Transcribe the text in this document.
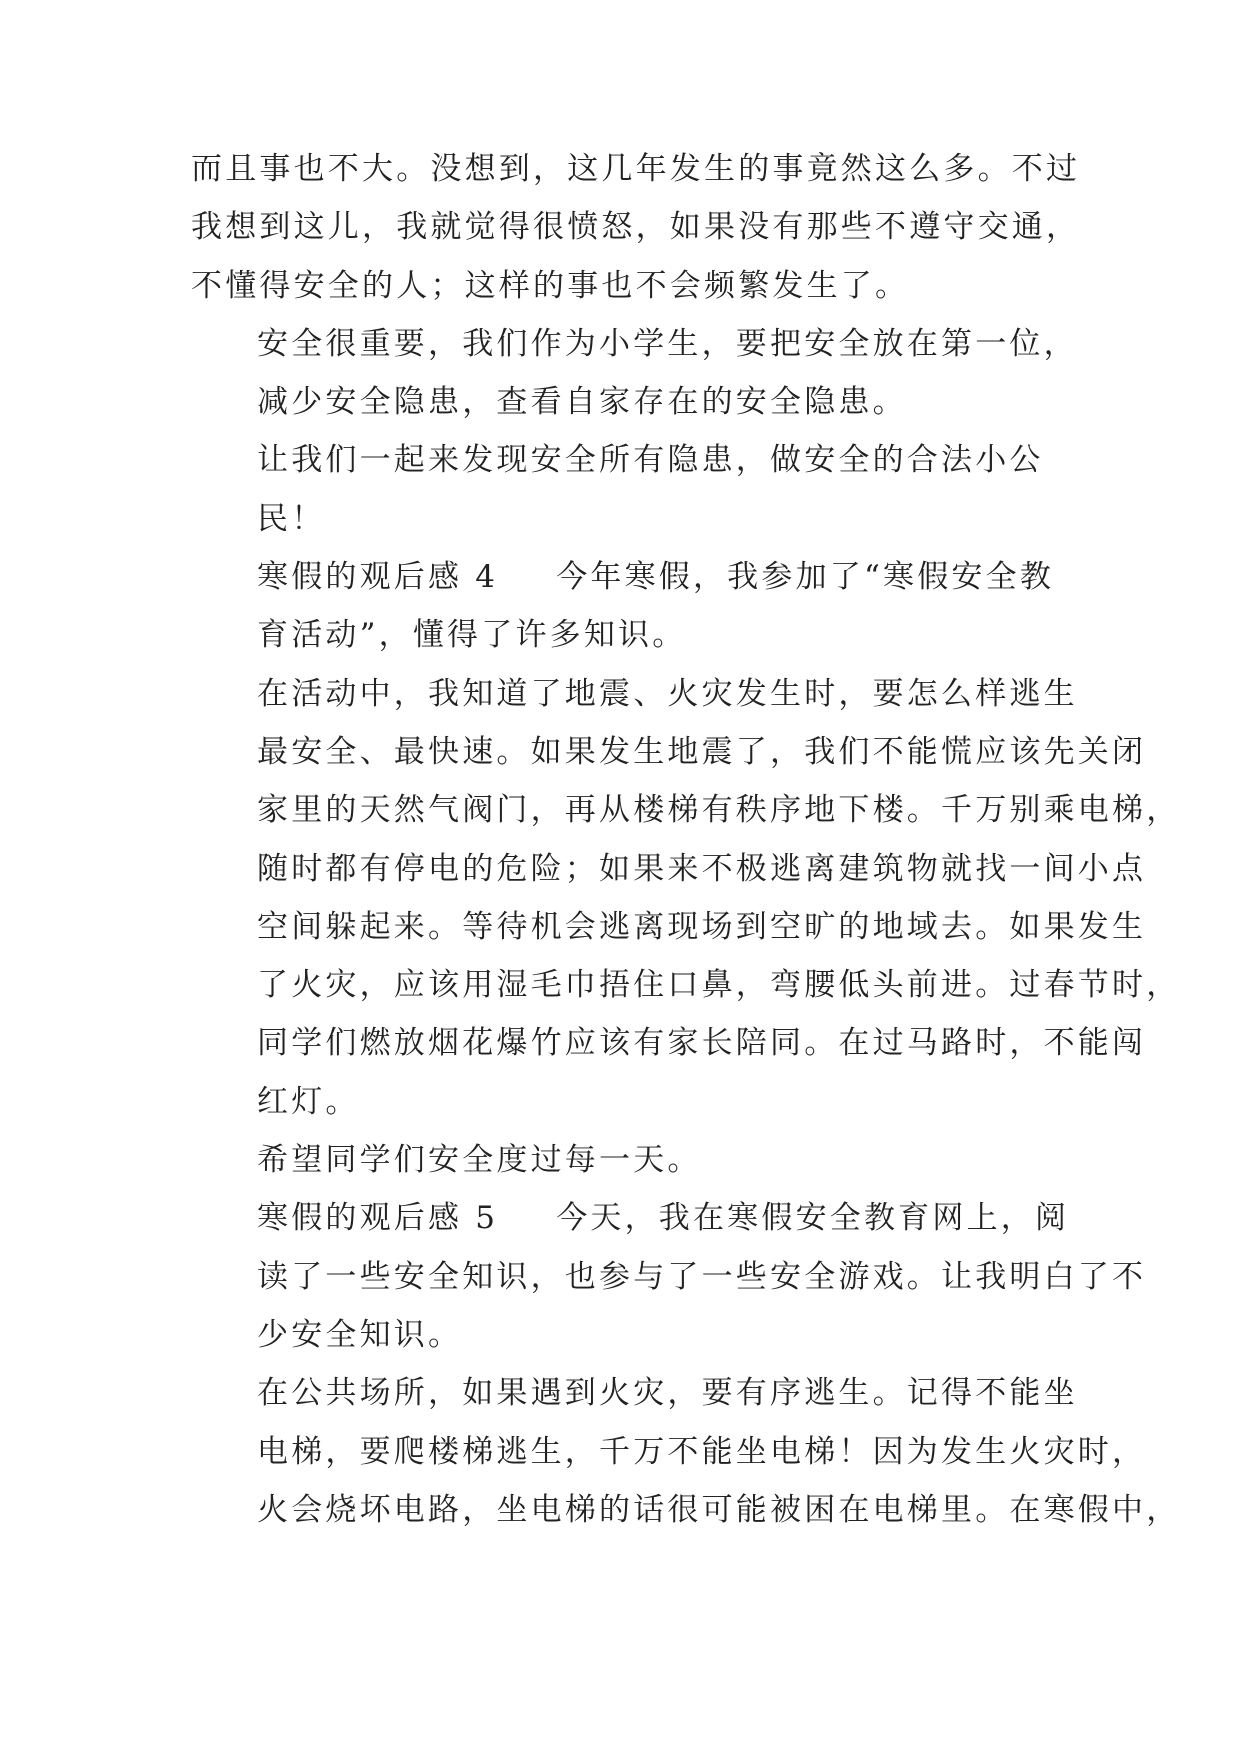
而且事也不大。没想到，这几年发生的事竟然这么多。不过
我想到这儿，我就觉得很愤怒，如果没有那些不遵守交通，
不懂得安全的人；这样的事也不会频繁发生了。

安全很重要，我们作为小学生，要把安全放在第一位，
减少安全隐患，查看自家存在的安全隐患。

让我们一起来发现安全所有隐患，做安全的合法小公
民！

寒假的观后感 4 今年寒假，我参加了“寒假安全教
育活动”，懂得了许多知识。

在活动中，我知道了地震、火灾发生时，要怎么样逃生
最安全、最快速。如果发生地震了，我们不能慌应该先关闭
家里的天然气阀门，再从楼梯有秩序地下楼。千万别乘电梯，
随时都有停电的危险；如果来不极逃离建筑物就找一间小点
空间躲起来。等待机会逃离现场到空旷的地域去。如果发生
了火灾，应该用湿毛巾捂住口鼻，弯腰低头前进。过春节时，
同学们燃放烟花爆竹应该有家长陪同。在过马路时，不能闯
红灯。

希望同学们安全度过每一天。

寒假的观后感 5 今天，我在寒假安全教育网上，阅
读了一些安全知识，也参与了一些安全游戏。让我明白了不
少安全知识。

在公共场所，如果遇到火灾，要有序逃生。记得不能坐
电梯，要爬楼梯逃生，千万不能坐电梯！因为发生火灾时，
火会烧坏电路，坐电梯的话很可能被困在电梯里。在寒假中，
